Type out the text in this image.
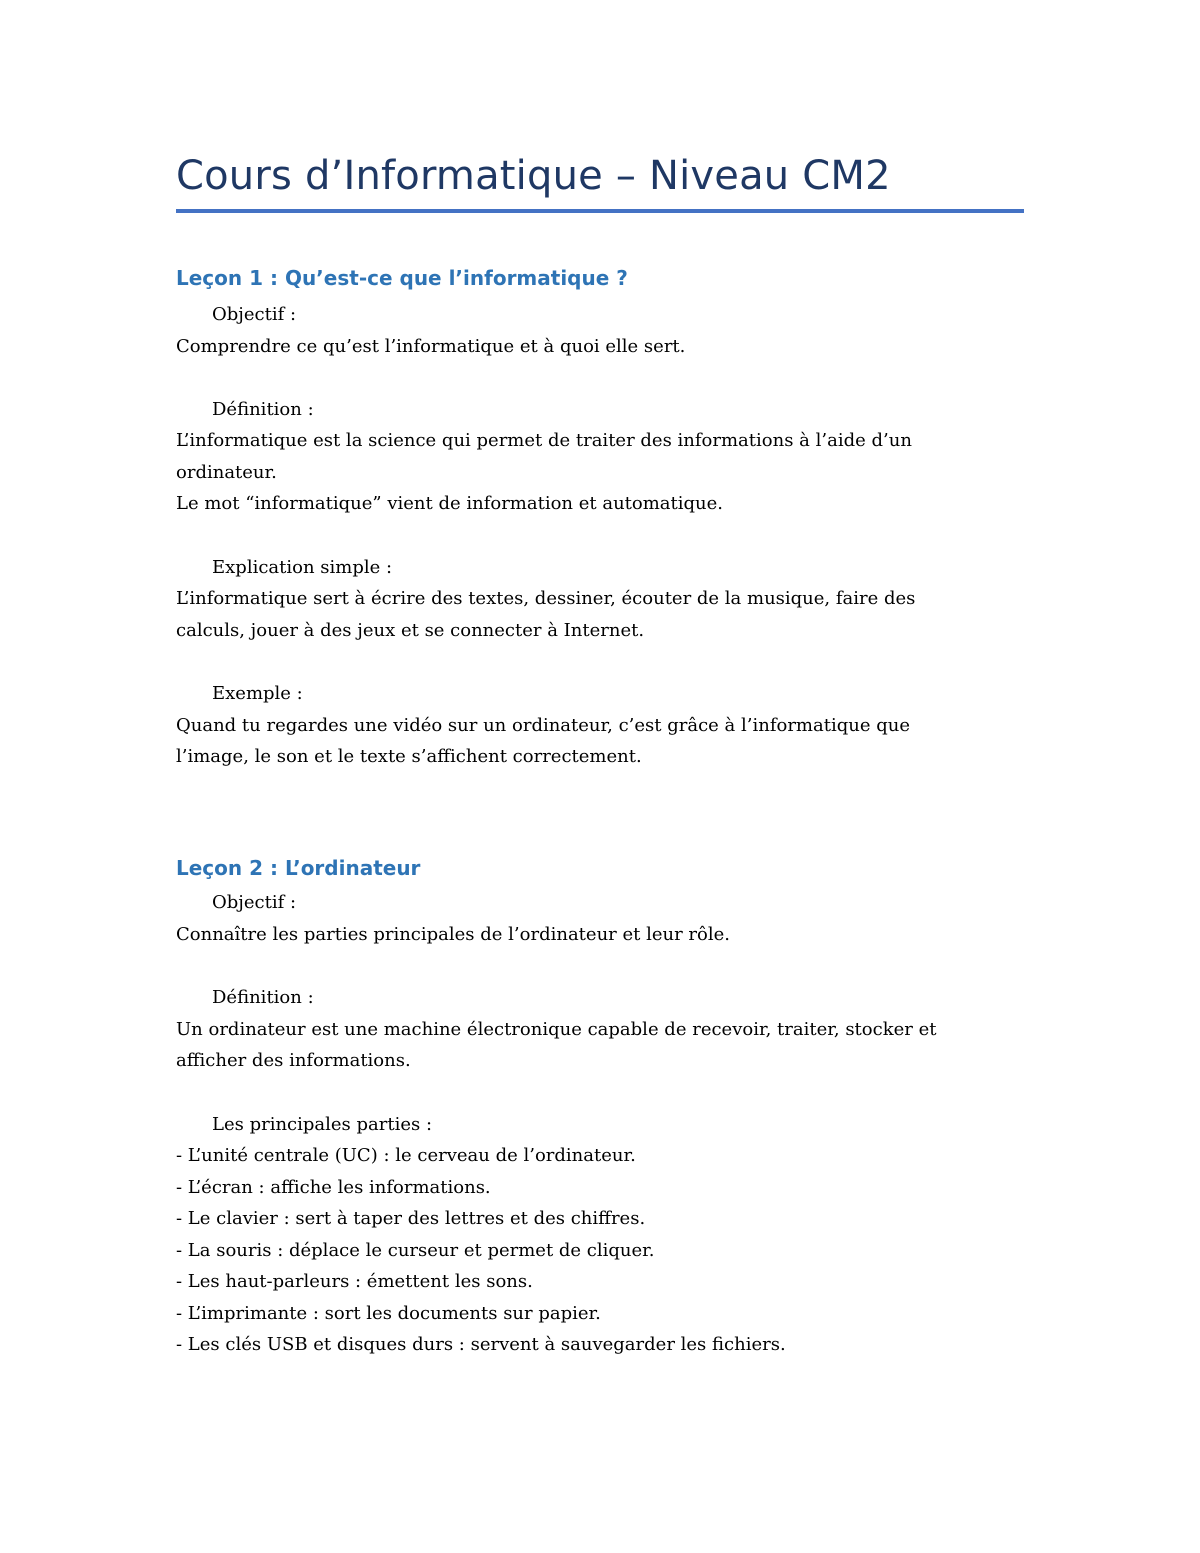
Cours d’Informatique – Niveau CM2
Leçon 1 : Qu’est-ce que l’informatique ?
Objectif :
Comprendre ce qu’est l’informatique et à quoi elle sert.
Définition :
L’informatique est la science qui permet de traiter des informations à l’aide d’un
ordinateur.
Le mot “informatique” vient de information et automatique.
Explication simple :
L’informatique sert à écrire des textes, dessiner, écouter de la musique, faire des
calculs, jouer à des jeux et se connecter à Internet.
Exemple :
Quand tu regardes une vidéo sur un ordinateur, c’est grâce à l’informatique que
l’image, le son et le texte s’affichent correctement.
Leçon 2 : L’ordinateur
Objectif :
Connaître les parties principales de l’ordinateur et leur rôle.
Définition :
Un ordinateur est une machine électronique capable de recevoir, traiter, stocker et
afficher des informations.
Les principales parties :
- L’unité centrale (UC) : le cerveau de l’ordinateur.
- L’écran : affiche les informations.
- Le clavier : sert à taper des lettres et des chiffres.
- La souris : déplace le curseur et permet de cliquer.
- Les haut-parleurs : émettent les sons.
- L’imprimante : sort les documents sur papier.
- Les clés USB et disques durs : servent à sauvegarder les fichiers.
